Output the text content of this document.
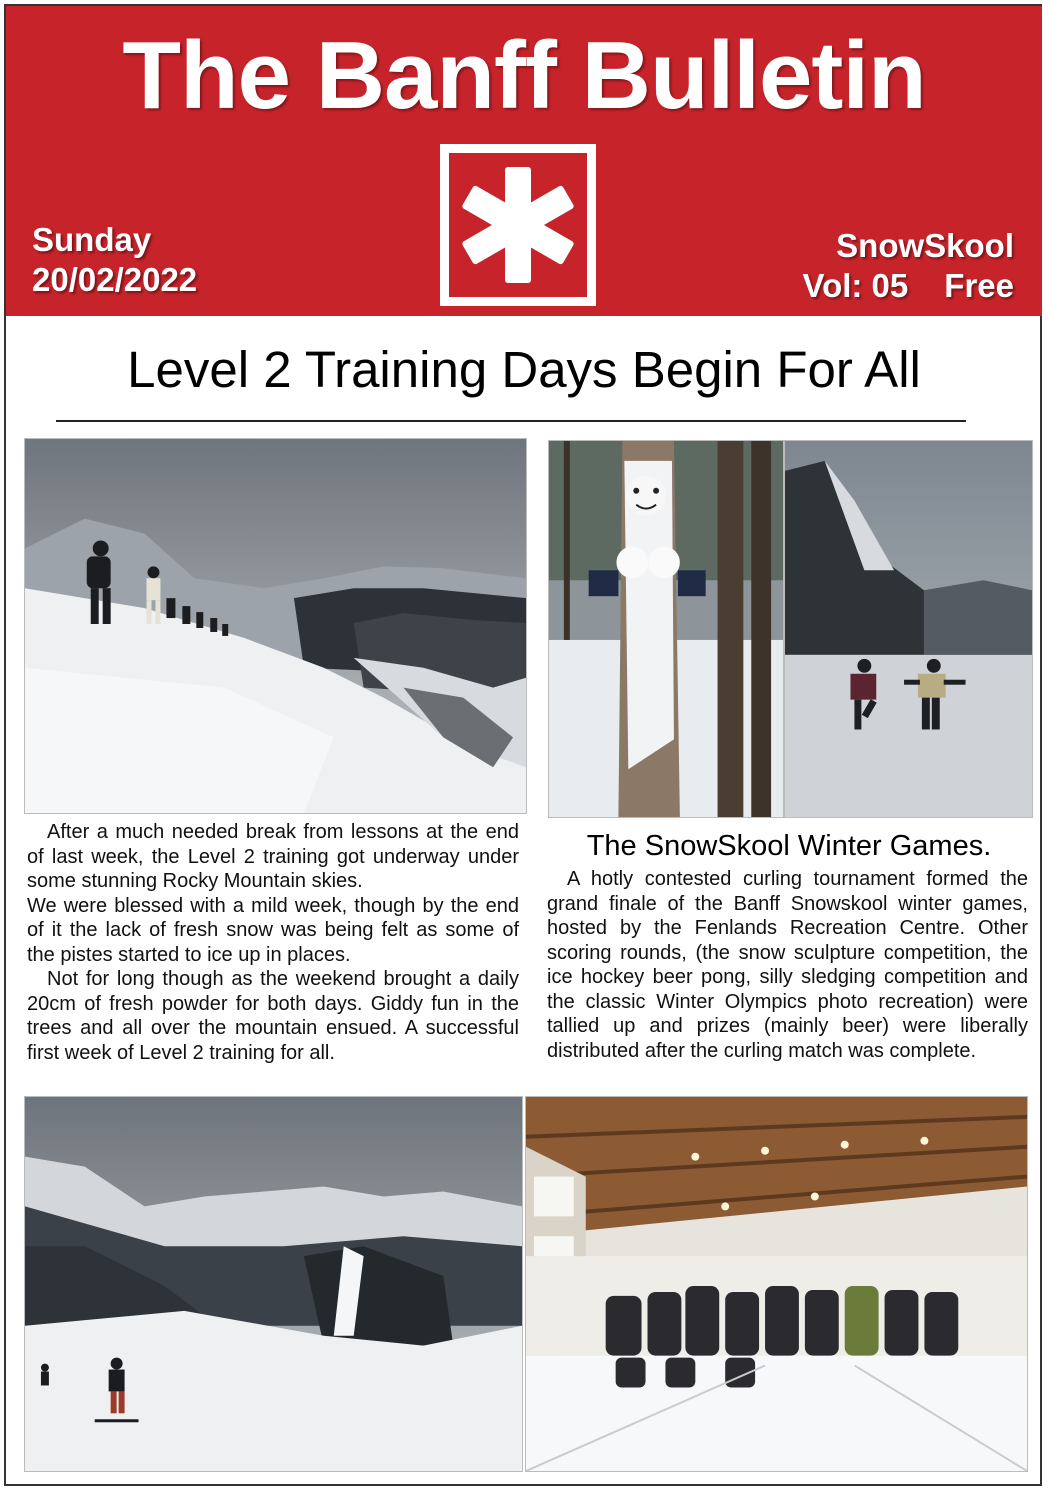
The Banff Bulletin
Sunday
20/02/2022
SnowSkool
Vol: 05 Free
Level 2 Training Days Begin For All

After a much needed break from lessons at the end of last week, the Level 2 training got underway under some stunning Rocky Mountain skies.

We were blessed with a mild week, though by the end of it the lack of fresh snow was being felt as some of the pistes started to ice up in places.

Not for long though as the weekend brought a daily 20cm of fresh powder for both days. Giddy fun in the trees and all over the mountain ensued. A successful first week of Level 2 training for all.

The SnowSkool Winter Games.

A hotly contested curling tournament formed the grand finale of the Banff Snowskool winter games, hosted by the Fenlands Recreation Centre. Other scoring rounds, (the snow sculpture competition, the ice hockey beer pong, silly sledging competition and the classic Winter Olympics photo recreation) were tallied up and prizes (mainly beer) were liberally distributed after the curling match was complete.
